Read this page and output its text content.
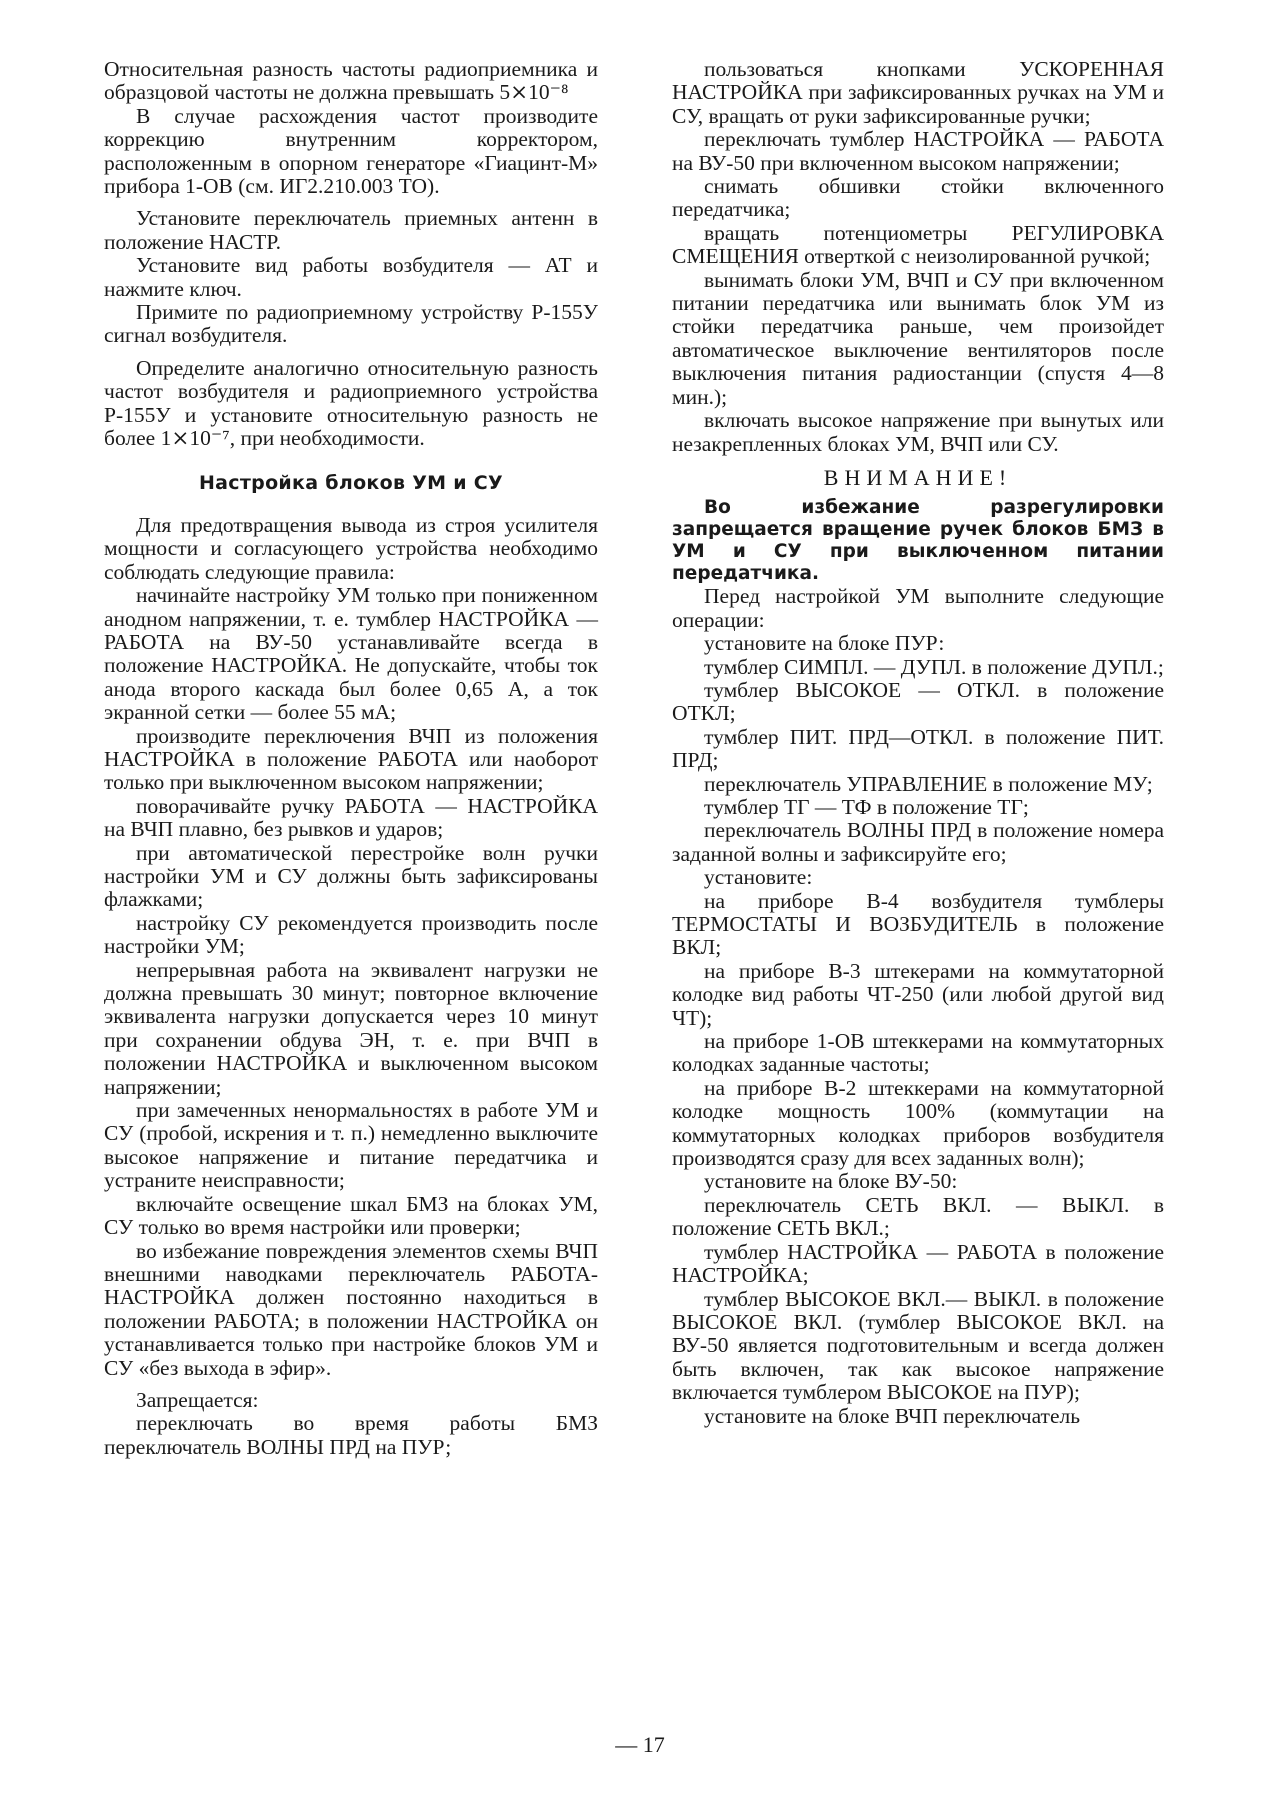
Относительная разность частоты радиоприемника и образцовой частоты не должна превышать 5⨯10⁻⁸

В случае расхождения частот производите коррекцию внутренним корректором, расположенным в опорном генераторе «Гиацинт-М» прибора 1-ОВ (см. ИГ2.210.003 ТО).

Установите переключатель приемных антенн в положение НАСТР.

Установите вид работы возбудителя — АТ и нажмите ключ.

Примите по радиоприемному устройству Р-155У сигнал возбудителя.

Определите аналогично относительную разность частот возбудителя и радиоприемного устройства Р-155У и установите относительную разность не более 1⨯10⁻⁷, при необходимости.

Настройка блоков УМ и СУ

Для предотвращения вывода из строя усилителя мощности и согласующего устройства необходимо соблюдать следующие правила:

начинайте настройку УМ только при пониженном анодном напряжении, т. е. тумблер НАСТРОЙКА — РАБОТА на ВУ-50 устанавливайте всегда в положение НАСТРОЙКА. Не допускайте, чтобы ток анода второго каскада был более 0,65 А, а ток экранной сетки — более 55 мА;

производите переключения ВЧП из положения НАСТРОЙКА в положение РАБОТА или наоборот только при выключенном высоком напряжении;

поворачивайте ручку РАБОТА — НАСТРОЙКА на ВЧП плавно, без рывков и ударов;

при автоматической перестройке волн ручки настройки УМ и СУ должны быть зафиксированы флажками;

настройку СУ рекомендуется производить после настройки УМ;

непрерывная работа на эквивалент нагрузки не должна превышать 30 минут; повторное включение эквивалента нагрузки допускается через 10 минут при сохранении обдува ЭН, т. е. при ВЧП в положении НАСТРОЙКА и выключенном высоком напряжении;

при замеченных ненормальностях в работе УМ и СУ (пробой, искрения и т. п.) немедленно выключите высокое напряжение и питание передатчика и устраните неисправности;

включайте освещение шкал БМЗ на блоках УМ, СУ только во время настройки или проверки;

во избежание повреждения элементов схемы ВЧП внешними наводками переключатель РАБОТА-НАСТРОЙКА должен постоянно находиться в положении РАБОТА; в положении НАСТРОЙКА он устанавливается только при настройке блоков УМ и СУ «без выхода в эфир».

Запрещается:

переключать во время работы БМЗ переключатель ВОЛНЫ ПРД на ПУР;

пользоваться кнопками УСКОРЕННАЯ НАСТРОЙКА при зафиксированных ручках на УМ и СУ, вращать от руки зафиксированные ручки;

переключать тумблер НАСТРОЙКА — РАБОТА на ВУ-50 при включенном высоком напряжении;

снимать обшивки стойки включенного передатчика;

вращать потенциометры РЕГУЛИРОВКА СМЕЩЕНИЯ отверткой с неизолированной ручкой;

вынимать блоки УМ, ВЧП и СУ при включенном питании передатчика или вынимать блок УМ из стойки передатчика раньше, чем произойдет автоматическое выключение вентиляторов после выключения питания радиостанции (спустя 4—8 мин.);

включать высокое напряжение при вынутых или незакрепленных блоках УМ, ВЧП или СУ.

ВНИМАНИЕ!

Во избежание разрегулировки запрещается вращение ручек блоков БМЗ в УМ и СУ при выключенном питании передатчика.

Перед настройкой УМ выполните следующие операции:

установите на блоке ПУР:

тумблер СИМПЛ. — ДУПЛ. в положение ДУПЛ.;

тумблер ВЫСОКОЕ — ОТКЛ. в положение ОТКЛ;

тумблер ПИТ. ПРД—ОТКЛ. в положение ПИТ. ПРД;

переключатель УПРАВЛЕНИЕ в положение МУ;

тумблер ТГ — ТФ в положение ТГ;

переключатель ВОЛНЫ ПРД в положение номера заданной волны и зафиксируйте его;

установите:

на приборе В-4 возбудителя тумблеры ТЕРМОСТАТЫ И ВОЗБУДИТЕЛЬ в положение ВКЛ;

на приборе В-3 штекерами на коммутаторной колодке вид работы ЧТ-250 (или любой другой вид ЧТ);

на приборе 1-ОВ штеккерами на коммутаторных колодках заданные частоты;

на приборе В-2 штеккерами на коммутаторной колодке мощность 100% (коммутации на коммутаторных колодках приборов возбудителя производятся сразу для всех заданных волн);

установите на блоке ВУ-50:

переключатель СЕТЬ ВКЛ. — ВЫКЛ. в положение СЕТЬ ВКЛ.;

тумблер НАСТРОЙКА — РАБОТА в положение НАСТРОЙКА;

тумблер ВЫСОКОЕ ВКЛ.— ВЫКЛ. в положение ВЫСОКОЕ ВКЛ. (тумблер ВЫСОКОЕ ВКЛ. на ВУ-50 является подготовительным и всегда должен быть включен, так как высокое напряжение включается тумблером ВЫСОКОЕ на ПУР);

установите на блоке ВЧП переключатель

— 17
